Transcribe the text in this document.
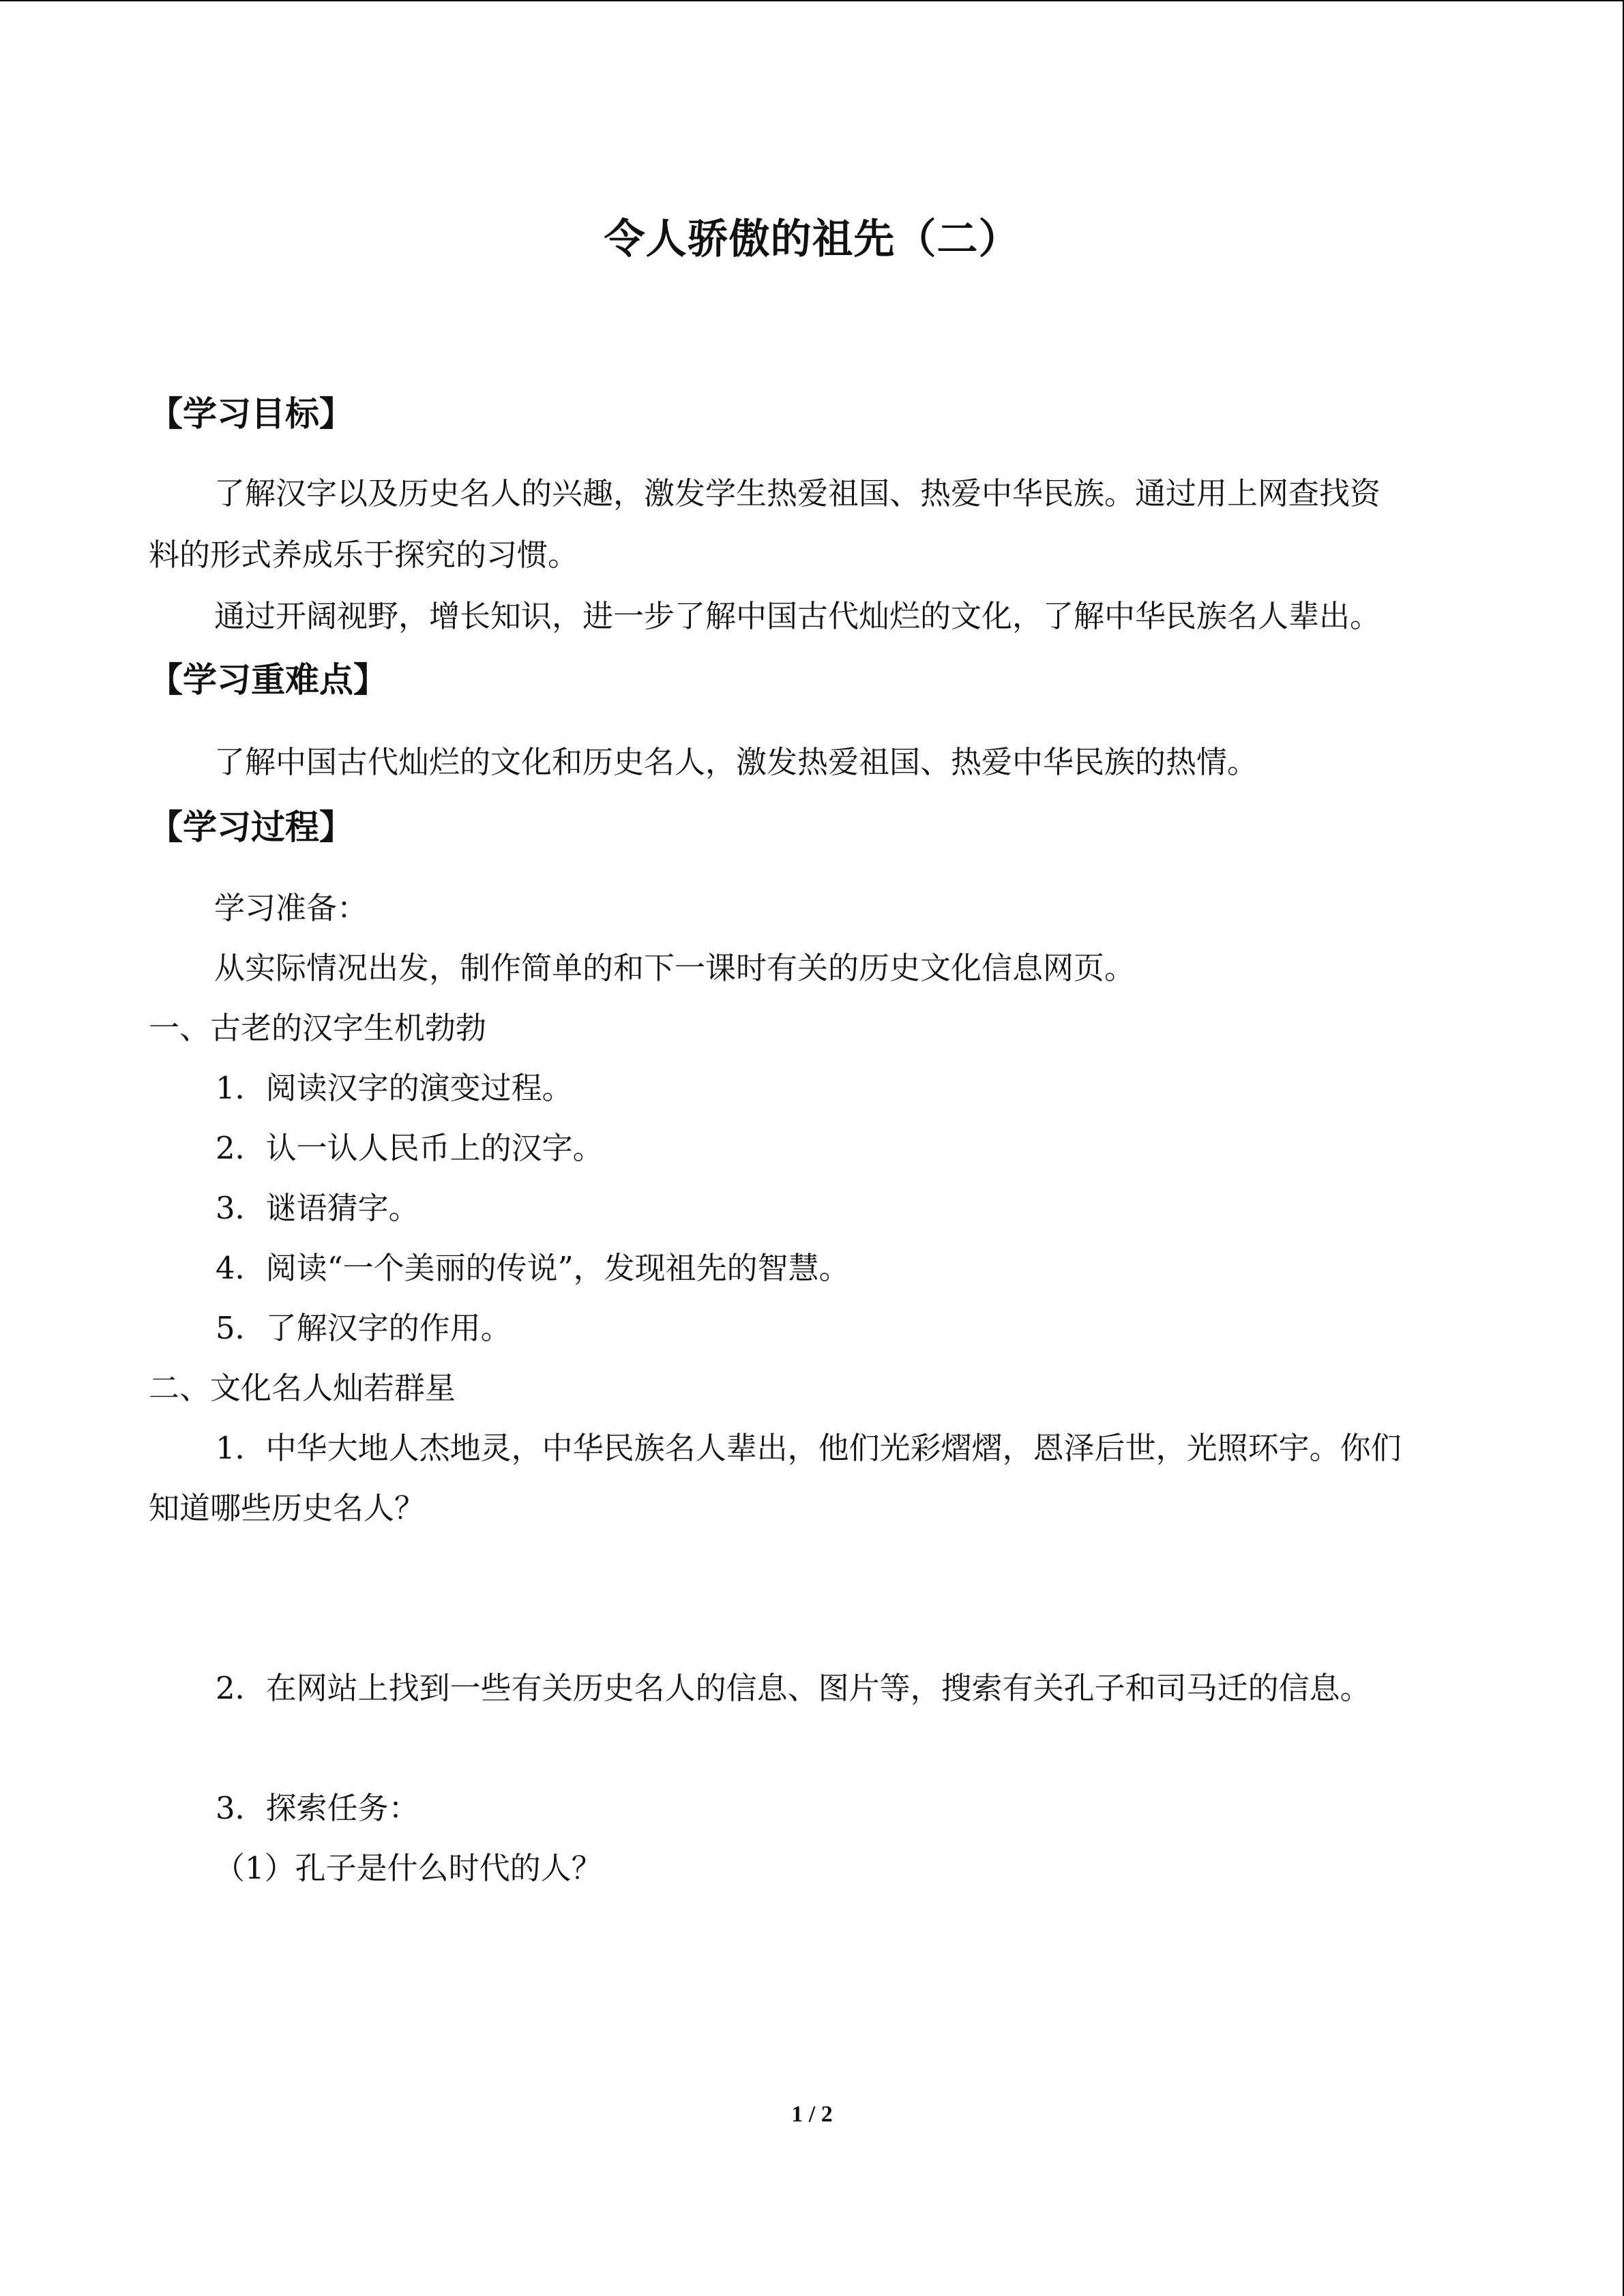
令人骄傲的祖先（二）
【学习目标】
了解汉字以及历史名人的兴趣，激发学生热爱祖国、热爱中华民族。通过用上网查找资
料的形式养成乐于探究的习惯。
通过开阔视野，增长知识，进一步了解中国古代灿烂的文化，了解中华民族名人辈出。
【学习重难点】
了解中国古代灿烂的文化和历史名人，激发热爱祖国、热爱中华民族的热情。
【学习过程】
学习准备：
从实际情况出发，制作简单的和下一课时有关的历史文化信息网页。
一、古老的汉字生机勃勃
1．阅读汉字的演变过程。
2．认一认人民币上的汉字。
3．谜语猜字。
4．阅读“一个美丽的传说”，发现祖先的智慧。
5．了解汉字的作用。
二、文化名人灿若群星
1．中华大地人杰地灵，中华民族名人辈出，他们光彩熠熠，恩泽后世，光照环宇。你们
知道哪些历史名人？
2．在网站上找到一些有关历史名人的信息、图片等，搜索有关孔子和司马迁的信息。
3．探索任务：
（1）孔子是什么时代的人？
1 / 2
